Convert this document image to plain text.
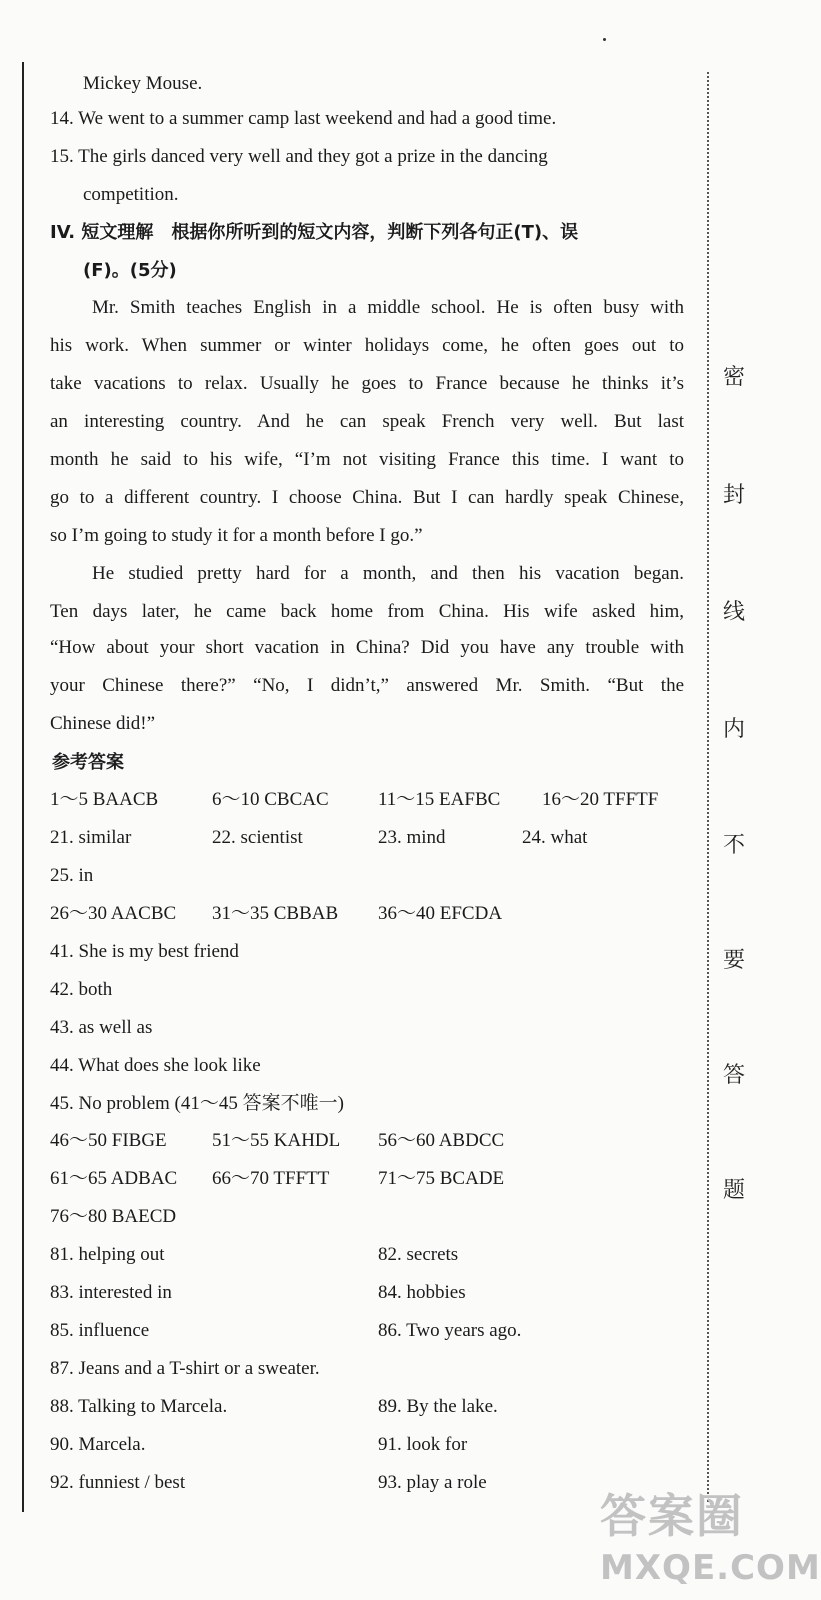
密
封
线
内
不
要
答
题
Mickey Mouse.
14. We went to a summer camp last weekend and had a good time.
15. The girls danced very well and they got a prize in the dancing
competition.
IV. 短文理解　根据你所听到的短文内容，判断下列各句正(T)、误
(F)。(5分)
Mr. Smith teaches English in a middle school. He is often busy with
his work. When summer or winter holidays come, he often goes out to
take vacations to relax. Usually he goes to France because he thinks it’s
an interesting country. And he can speak French very well. But last
month he said to his wife, “I’m not visiting France this time. I want to
go to a different country. I choose China. But I can hardly speak Chinese,
so I’m going to study it for a month before I go.”
He studied pretty hard for a month, and then his vacation began.
Ten days later, he came back home from China. His wife asked him,
“How about your short vacation in China? Did you have any trouble with
your Chinese there?” “No, I didn’t,” answered Mr. Smith. “But the
Chinese did!”
参考答案
1～5 BAACB	6～10 CBCAC	11～15 EAFBC 16～20 TFFTF
21. similar	22. scientist	23. mind	24. what
25. in
26～30 AACBC 31～35 CBBAB 36～40 EFCDA
41. She is my best friend
42. both
43. as well as
44. What does she look like
45. No problem (41～45 答案不唯一)
46～50 FIBGE 51～55 KAHDL 56～60 ABDCC
61～65 ADBAC 66～70 TFFTT	71～75 BCADE
76～80 BAECD
81. helping out	82. secrets
83. interested in	84. hobbies
85. influence	86. Two years ago.
87. Jeans and a T-shirt or a sweater.
88. Talking to Marcela.	89. By the lake.
90. Marcela.	91. look for
92. funniest / best	93. play a role
答案圈
MXQE.COM
